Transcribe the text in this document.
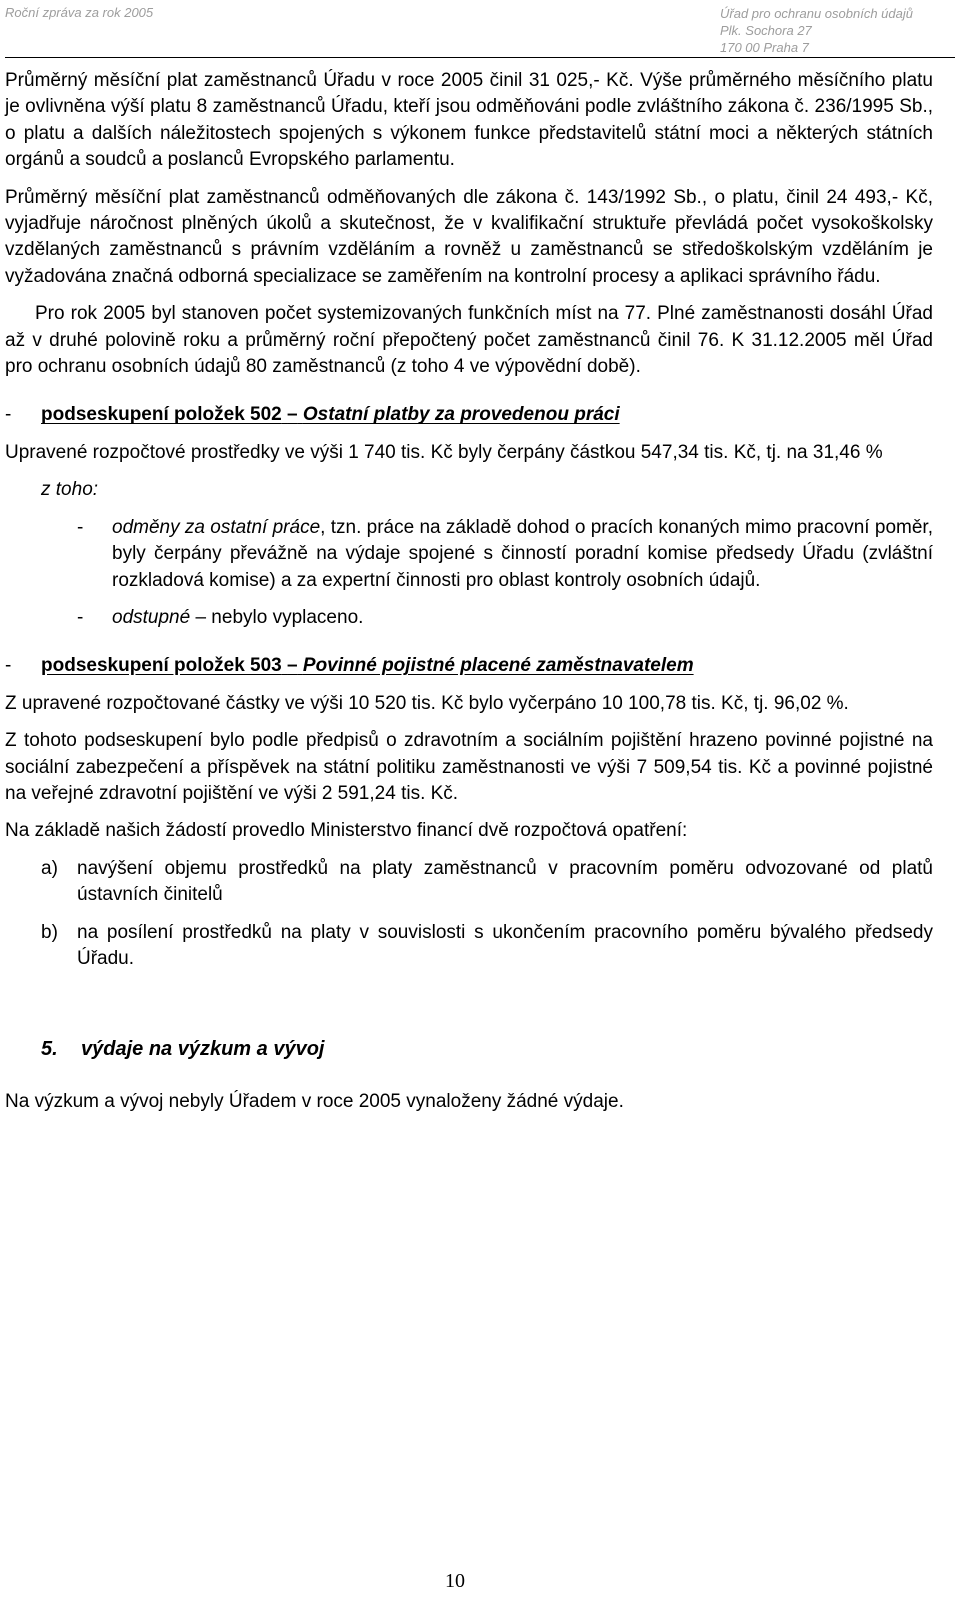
Roční zpráva za rok 2005	Úřad pro ochranu osobních údajů
Plk. Sochora 27
170 00 Praha 7

Průměrný měsíční plat zaměstnanců Úřadu v roce 2005 činil 31 025,- Kč. Výše průměrného měsíčního platu je ovlivněna výší platu 8 zaměstnanců Úřadu, kteří jsou odměňováni podle zvláštního zákona č. 236/1995 Sb., o platu a dalších náležitostech spojených s výkonem funkce představitelů státní moci a některých státních orgánů a soudců a poslanců Evropského parlamentu.

Průměrný měsíční plat zaměstnanců odměňovaných dle zákona č. 143/1992 Sb., o platu, činil 24 493,- Kč, vyjadřuje náročnost plněných úkolů a skutečnost, že v kvalifikační struktuře převládá počet vysokoškolsky vzdělaných zaměstnanců s právním vzděláním a rovněž u zaměstnanců se středoškolským vzděláním je vyžadována značná odborná specializace se zaměřením na kontrolní procesy a aplikaci správního řádu.

Pro rok 2005 byl stanoven počet systemizovaných funkčních míst na 77. Plné zaměstnanosti dosáhl Úřad až v druhé polovině roku a průměrný roční přepočtený počet zaměstnanců činil 76. K 31.12.2005 měl Úřad pro ochranu osobních údajů 80 zaměstnanců (z toho 4 ve výpovědní době).

- podseskupení položek 502 – Ostatní platby za provedenou práci

Upravené rozpočtové prostředky ve výši 1 740 tis. Kč byly čerpány částkou 547,34 tis. Kč, tj. na 31,46 %

z toho:

- odměny za ostatní práce, tzn. práce na základě dohod o pracích konaných mimo pracovní poměr, byly čerpány převážně na výdaje spojené s činností poradní komise předsedy Úřadu (zvláštní rozkladová komise) a za expertní činnosti pro oblast kontroly osobních údajů.
- odstupné – nebylo vyplaceno.

- podseskupení položek 503 – Povinné pojistné placené zaměstnavatelem

Z upravené rozpočtované částky ve výši 10 520 tis. Kč bylo vyčerpáno 10 100,78 tis. Kč, tj. 96,02 %.

Z tohoto podseskupení bylo podle předpisů o zdravotním a sociálním pojištění hrazeno povinné pojistné na sociální zabezpečení a příspěvek na státní politiku zaměstnanosti ve výši 7 509,54 tis. Kč a povinné pojistné na veřejné zdravotní pojištění ve výši 2 591,24 tis. Kč.

Na základě našich žádostí provedlo Ministerstvo financí dvě rozpočtová opatření:

a) navýšení objemu prostředků na platy zaměstnanců v pracovním poměru odvozované od platů ústavních činitelů
b) na posílení prostředků na platy v souvislosti s ukončením pracovního poměru bývalého předsedy Úřadu.

5. výdaje na výzkum a vývoj

Na výzkum a vývoj nebyly Úřadem v roce 2005 vynaloženy žádné výdaje.

10
